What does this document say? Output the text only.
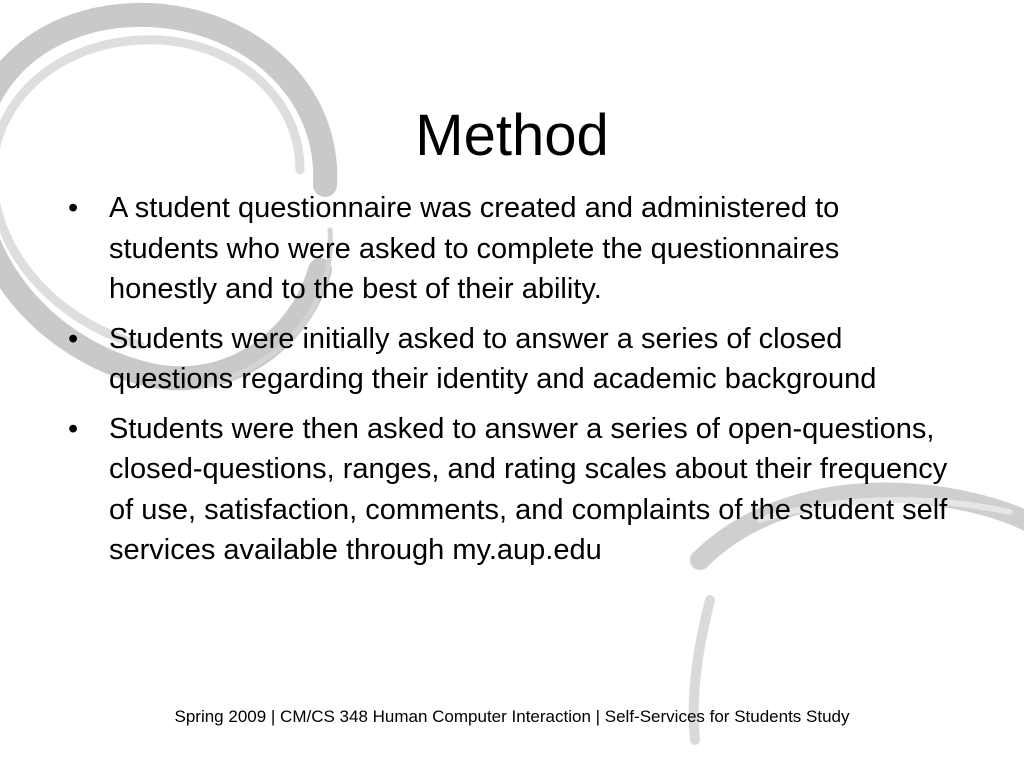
Method
• A student questionnaire was created and administered to students who were asked to complete the questionnaires honestly and to the best of their ability.
• Students were initially asked to answer a series of closed questions regarding their identity and academic background
• Students were then asked to answer a series of open-questions, closed-questions, ranges, and rating scales about their frequency of use, satisfaction, comments, and complaints of the student self services available through my.aup.edu
Spring 2009 | CM/CS 348 Human Computer Interaction | Self-Services for Students Study
